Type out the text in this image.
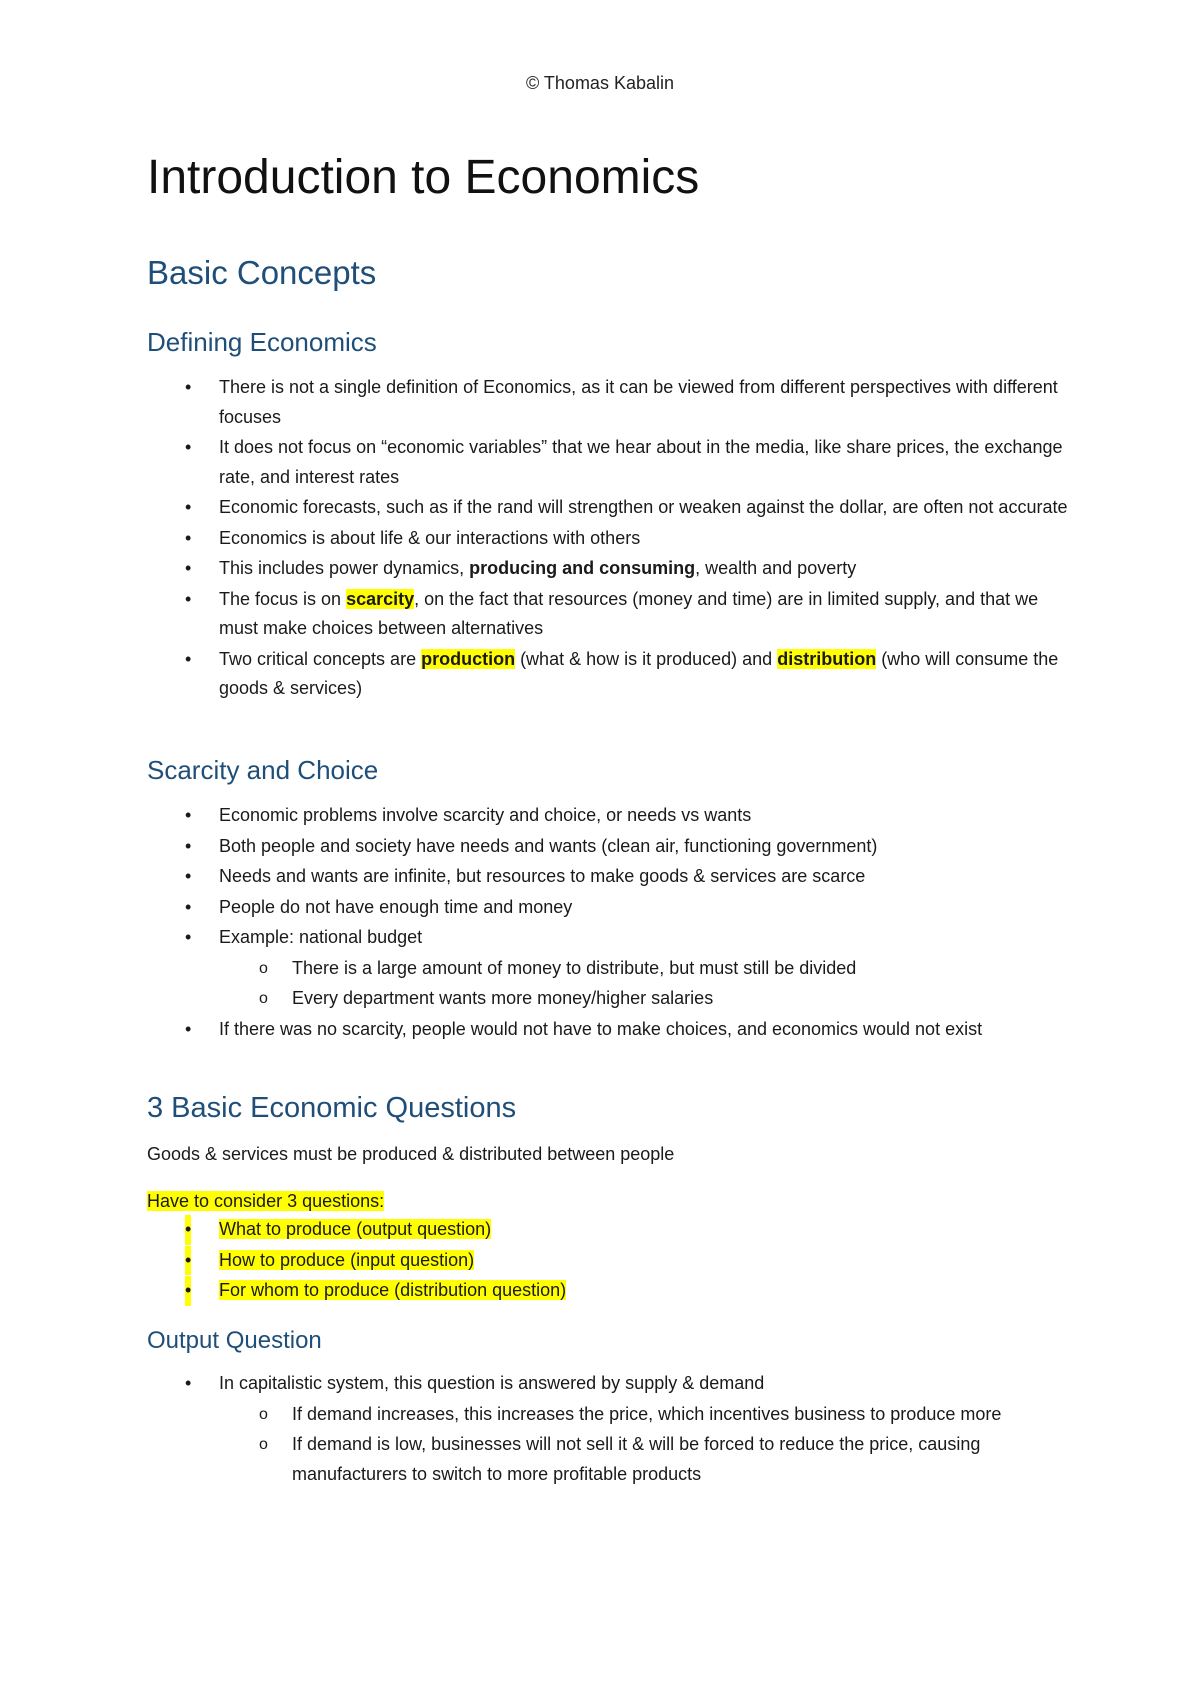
© Thomas Kabalin
Introduction to Economics
Basic Concepts
Defining Economics
• There is not a single definition of Economics, as it can be viewed from different perspectives with different focuses
• It does not focus on “economic variables” that we hear about in the media, like share prices, the exchange rate, and interest rates
• Economic forecasts, such as if the rand will strengthen or weaken against the dollar, are often not accurate
• Economics is about life & our interactions with others
• This includes power dynamics, producing and consuming, wealth and poverty
• The focus is on scarcity, on the fact that resources (money and time) are in limited supply, and that we must make choices between alternatives
• Two critical concepts are production (what & how is it produced) and distribution (who will consume the goods & services)
Scarcity and Choice
• Economic problems involve scarcity and choice, or needs vs wants
• Both people and society have needs and wants (clean air, functioning government)
• Needs and wants are infinite, but resources to make goods & services are scarce
• People do not have enough time and money
• Example: national budget
o There is a large amount of money to distribute, but must still be divided
o Every department wants more money/higher salaries
• If there was no scarcity, people would not have to make choices, and economics would not exist
3 Basic Economic Questions

Goods & services must be produced & distributed between people

Have to consider 3 questions:

• What to produce (output question)
• How to produce (input question)
• For whom to produce (distribution question)
Output Question
• In capitalistic system, this question is answered by supply & demand
o If demand increases, this increases the price, which incentives business to produce more
o If demand is low, businesses will not sell it & will be forced to reduce the price, causing manufacturers to switch to more profitable products
